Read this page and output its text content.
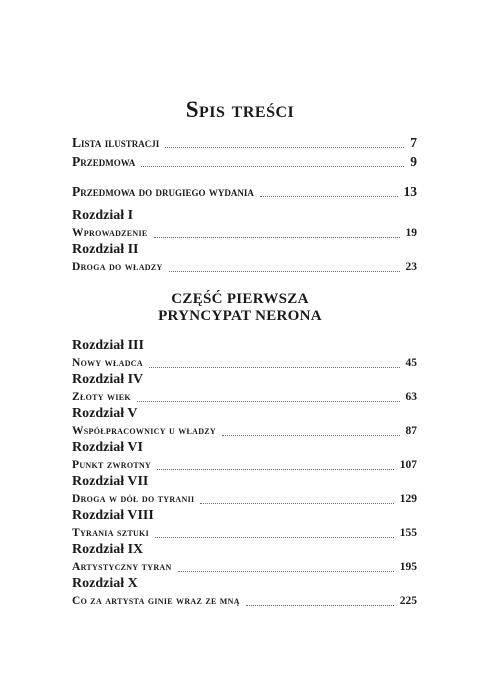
Spis treści
Lista ilustracji	7
Przedmowa	9
Przedmowa do drugiego wydania	13
Rozdział I
Wprowadzenie	19
Rozdział II
Droga do władzy	23
CZĘŚĆ PIERWSZA
PRYNCYPAT NERONA
Rozdział III
Nowy władca	45
Rozdział IV
Złoty wiek	63
Rozdział V
Współpracownicy u władzy	87
Rozdział VI
Punkt zwrotny	107
Rozdział VII
Droga w dół do tyranii	129
Rozdział VIII
Tyrania sztuki	155
Rozdział IX
Artystyczny tyran	195
Rozdział X
Co za artysta ginie wraz ze mną	225
